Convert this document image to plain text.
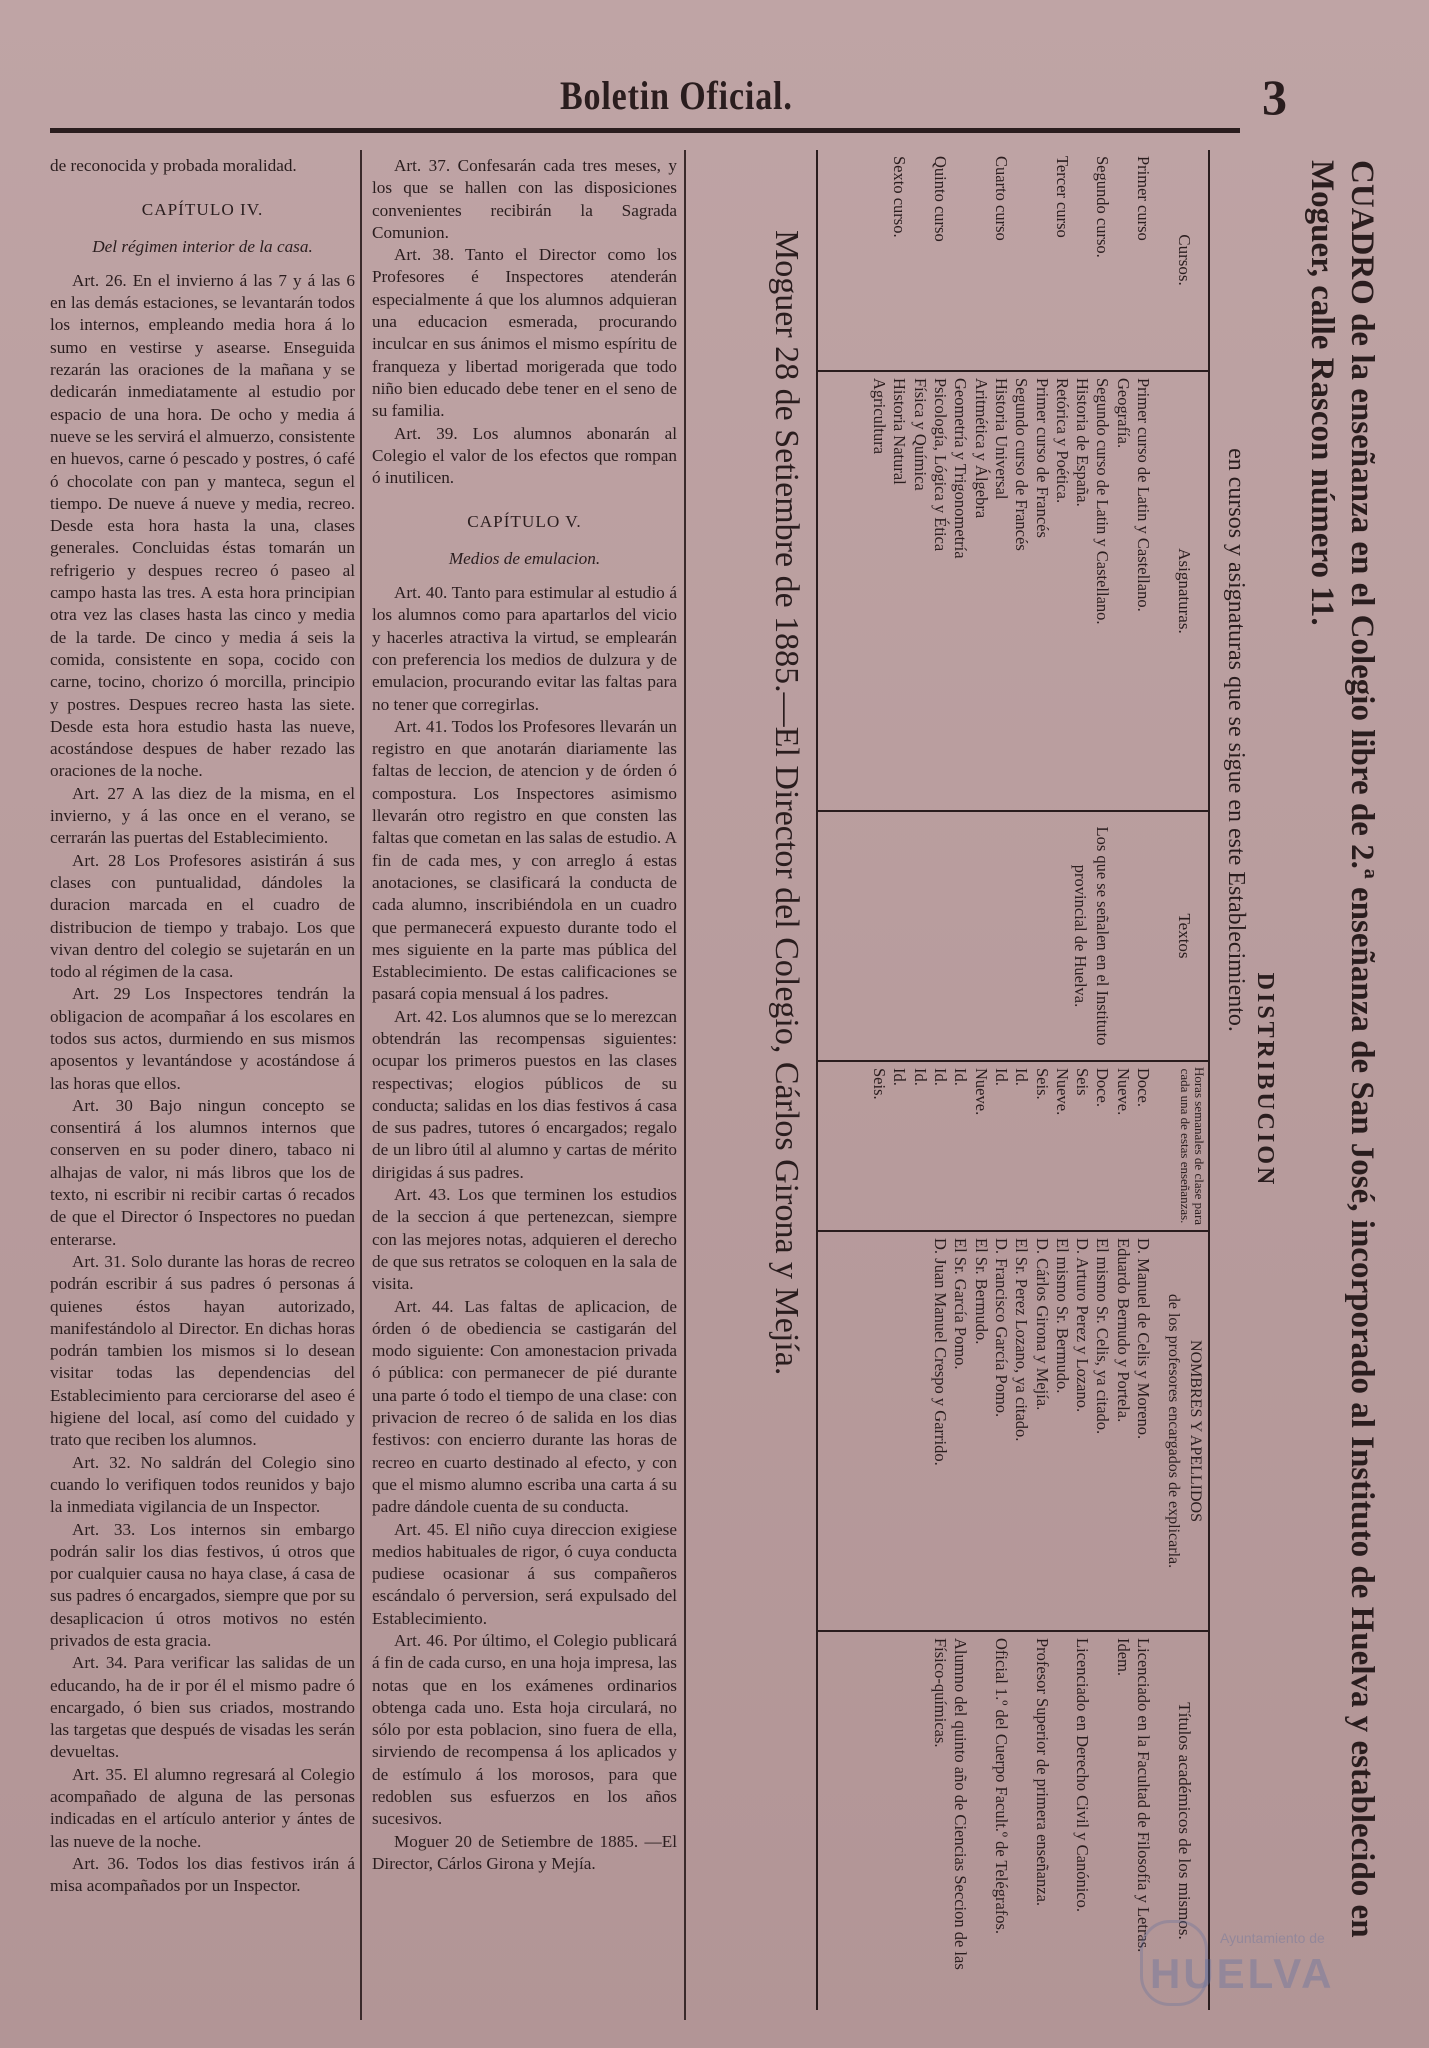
Boletin Oficial.	3

de reconocida y probada moralidad.

CAPÍTULO IV.

Del régimen interior de la casa.

Art. 26. En el invierno á las 7 y á las 6 en las demás estaciones, se levantarán todos los internos, empleando media hora á lo sumo en vestirse y asearse. Enseguida rezarán las oraciones de la mañana y se dedicarán inmediatamente al estudio por espacio de una hora. De ocho y media á nueve se les servirá el almuerzo, consistente en huevos, carne ó pescado y postres, ó café ó chocolate con pan y manteca, segun el tiempo. De nueve á nueve y media, recreo. Desde esta hora hasta la una, clases generales. Concluidas éstas tomarán un refrigerio y despues recreo ó paseo al campo hasta las tres. A esta hora principian otra vez las clases hasta las cinco y media de la tarde. De cinco y media á seis la comida, consistente en sopa, cocido con carne, tocino, chorizo ó morcilla, principio y postres. Despues recreo hasta las siete. Desde esta hora estudio hasta las nueve, acostándose despues de haber rezado las oraciones de la noche.

Art. 27 A las diez de la misma, en el invierno, y á las once en el verano, se cerrarán las puertas del Establecimiento.

Art. 28 Los Profesores asistirán á sus clases con puntualidad, dándoles la duracion marcada en el cuadro de distribucion de tiempo y trabajo. Los que vivan dentro del colegio se sujetarán en un todo al régimen de la casa.

Art. 29 Los Inspectores tendrán la obligacion de acompañar á los escolares en todos sus actos, durmiendo en sus mismos aposentos y levantándose y acostándose á las horas que ellos.

Art. 30 Bajo ningun concepto se consentirá á los alumnos internos que conserven en su poder dinero, tabaco ni alhajas de valor, ni más libros que los de texto, ni escribir ni recibir cartas ó recados de que el Director ó Inspectores no puedan enterarse.

Art. 31. Solo durante las horas de recreo podrán escribir á sus padres ó personas á quienes éstos hayan autorizado, manifestándolo al Director. En dichas horas podrán tambien los mismos si lo desean visitar todas las dependencias del Establecimiento para cerciorarse del aseo é higiene del local, así como del cuidado y trato que reciben los alumnos.

Art. 32. No saldrán del Colegio sino cuando lo verifiquen todos reunidos y bajo la inmediata vigilancia de un Inspector.

Art. 33. Los internos sin embargo podrán salir los dias festivos, ú otros que por cualquier causa no haya clase, á casa de sus padres ó encargados, siempre que por su desaplicacion ú otros motivos no estén privados de esta gracia.

Art. 34. Para verificar las salidas de un educando, ha de ir por él el mismo padre ó encargado, ó bien sus criados, mostrando las targetas que después de visadas les serán devueltas.

Art. 35. El alumno regresará al Colegio acompañado de alguna de las personas indicadas en el artículo anterior y ántes de las nueve de la noche.

Art. 36. Todos los dias festivos irán á misa acompañados por un Inspector.

Art. 37. Confesarán cada tres meses, y los que se hallen con las disposiciones convenientes recibirán la Sagrada Comunion.

Art. 38. Tanto el Director como los Profesores é Inspectores atenderán especialmente á que los alumnos adquieran una educacion esmerada, procurando inculcar en sus ánimos el mismo espíritu de franqueza y libertad morigerada que todo niño bien educado debe tener en el seno de su familia.

Art. 39. Los alumnos abonarán al Colegio el valor de los efectos que rompan ó inutilicen.

CAPÍTULO V.

Medios de emulacion.

Art. 40. Tanto para estimular al estudio á los alumnos como para apartarlos del vicio y hacerles atractiva la virtud, se emplearán con preferencia los medios de dulzura y de emulacion, procurando evitar las faltas para no tener que corregirlas.

Art. 41. Todos los Profesores llevarán un registro en que anotarán diariamente las faltas de leccion, de atencion y de órden ó compostura. Los Inspectores asimismo llevarán otro registro en que consten las faltas que cometan en las salas de estudio. A fin de cada mes, y con arreglo á estas anotaciones, se clasificará la conducta de cada alumno, inscribiéndola en un cuadro que permanecerá expuesto durante todo el mes siguiente en la parte mas pública del Establecimiento. De estas calificaciones se pasará copia mensual á los padres.

Art. 42. Los alumnos que se lo merezcan obtendrán las recompensas siguientes: ocupar los primeros puestos en las clases respectivas; elogios públicos de su conducta; salidas en los dias festivos á casa de sus padres, tutores ó encargados; regalo de un libro útil al alumno y cartas de mérito dirigidas á sus padres.

Art. 43. Los que terminen los estudios de la seccion á que pertenezcan, siempre con las mejores notas, adquieren el derecho de que sus retratos se coloquen en la sala de visita.

Art. 44. Las faltas de aplicacion, de órden ó de obediencia se castigarán del modo siguiente: Con amonestacion privada ó pública: con permanecer de pié durante una parte ó todo el tiempo de una clase: con privacion de recreo ó de salida en los dias festivos: con encierro durante las horas de recreo en cuarto destinado al efecto, y con que el mismo alumno escriba una carta á su padre dándole cuenta de su conducta.

Art. 45. El niño cuya direccion exigiese medios habituales de rigor, ó cuya conducta pudiese ocasionar á sus compañeros escándalo ó perversion, será expulsado del Establecimiento.

Art. 46. Por último, el Colegio publicará á fin de cada curso, en una hoja impresa, las notas que en los exámenes ordinarios obtenga cada uno. Esta hoja circulará, no sólo por esta poblacion, sino fuera de ella, sirviendo de recompensa á los aplicados y de estímulo á los morosos, para que redoblen sus esfuerzos en los años sucesivos.

Moguer 20 de Setiembre de 1885. —El Director, Cárlos Girona y Mejía.	CUADRO de la enseñanza en el Colegio libre de 2.ª enseñanza de San José, incorporado al Instituto de Huelva y establecido en Moguer, calle Rascon número 11.
DISTRIBUCION
en cursos y asignaturas que se sigue en este Establecimiento.
Cursos.
Primer curso

Segundo curso.

Tercer curso

Cuarto curso

Quinto curso

Sexto curso.
Asignaturas.
Primer curso de Latin y Castellano.
Geografía.
Segundo curso de Latin y Castellano.
Historia de España.
Retórica y Poética.
Primer curso de Francés
Segundo curso de Francés
Historia Universal
Aritmética y Álgebra
Geometría y Trigonometría
Psicología, Lógica y Ética
Física y Química
Historia Natural
Agricultura
Textos
Los que se señalen en el Instituto provincial de Huelva.
Horas semanales de clase para cada una de estas enseñanzas.
Doce.
Nueve.
Doce.
Seis
Nueve.
Seis.
Id.
Id.
Nueve.
Id.
Id.
Id.
Id.
Seis.
NOMBRES Y APELLIDOS
de los profesores encargados de explicarla.
D. Manuel de Celis y Moreno.
Eduardo Bernudo y Portela.
El mismo Sr. Celis, ya citado.
D. Arturo Perez y Lozano.
El mismo Sr. Bermudo.
D. Cárlos Girona y Mejía.
El Sr. Perez Lozano, ya citado.
D. Francisco García Pomo.
El Sr. Bermudo.
El Sr. García Pomo.
D. Juan Manuel Crespo y Garrido.
Títulos académicos de los mismos.
Licenciado en la Facultad de Filosofía y Letras.
Idem.

Licenciado en Derecho Civil y Canónico.

Profesor Superior de primera enseñanza.

Oficial 1.º del Cuerpo Facult.º de Telégrafos.

Alumno del quinto año de Ciencias Seccion de las Físico-químicas.
Moguer 28 de Setiembre de 1885.—El Director del Colegio, Cárlos Girona y Mejía.
Ayuntamiento de
HUELVA
